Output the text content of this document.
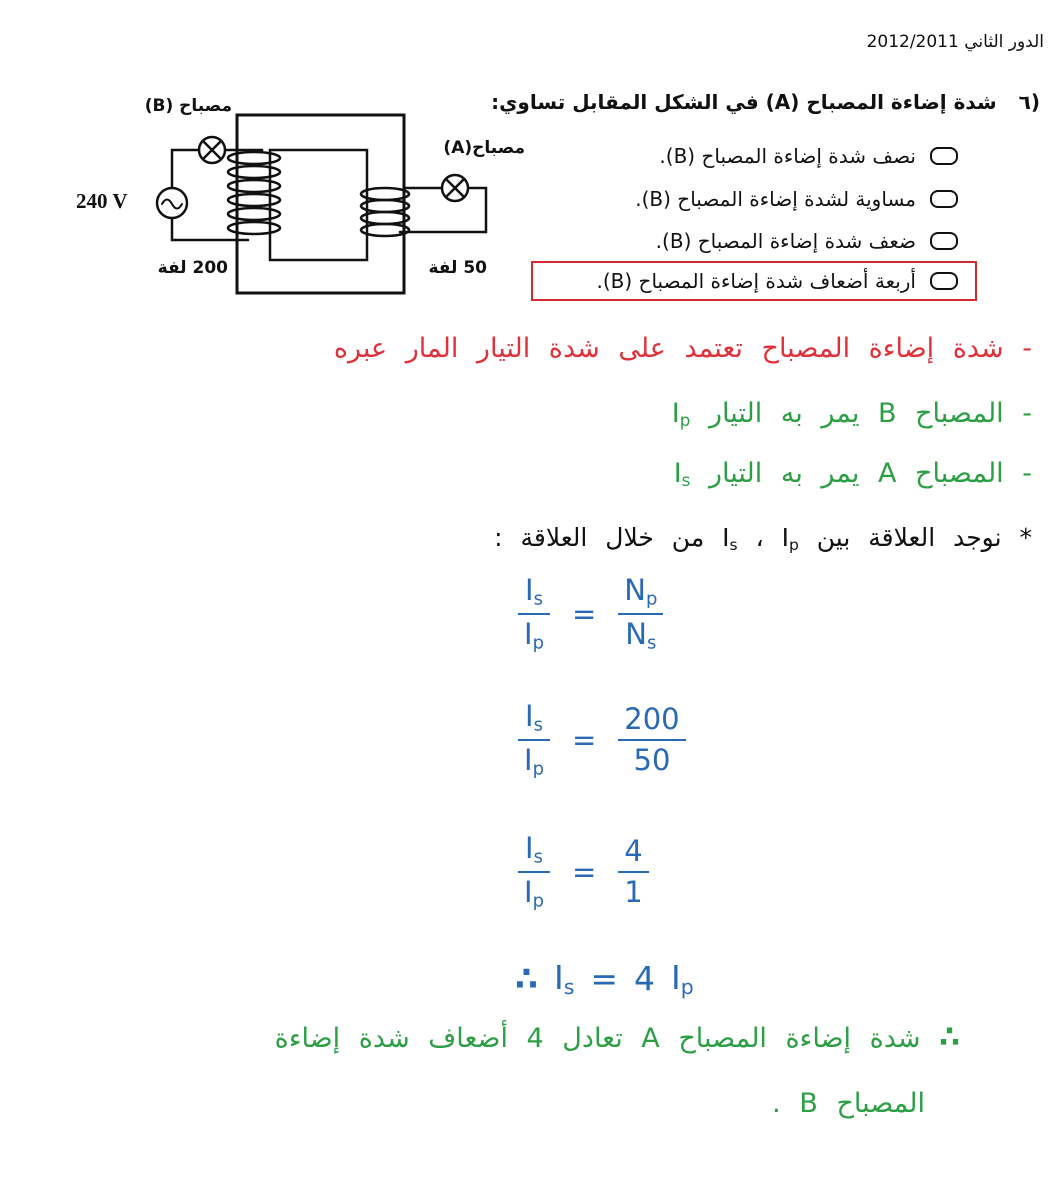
الدور الثاني 2012/2011
مصباح (B)
مصباح(A)
240 V
200 لفة	50 لفة
٦)
شدة إضاءة المصباح (A) في الشكل المقابل تساوي:
نصف شدة إضاءة المصباح (B).
مساوية لشدة إضاءة المصباح (B).
ضعف شدة إضاءة المصباح (B).
أربعة أضعاف شدة إضاءة المصباح (B).
- شدة إضاءة المصباح تعتمد على شدة التيار المار عبره
- المصباح B يمر به التيار $I_p$
- المصباح A يمر به التيار $I_s$
* نوجد العلاقة بين $I_p$ ، $I_s$ من خلال العلاقة :
$\frac{I_s}{I_p} = \frac{N_p}{N_s}$
$\frac{I_s}{I_p} = \frac{200}{50}$
$\frac{I_s}{I_p} = \frac{4}{1}$
∴ $I_s = 4$ $I_p$
∴ شدة إضاءة المصباح A تعادل 4 أضعاف شدة إضاءة
المصباح B .
